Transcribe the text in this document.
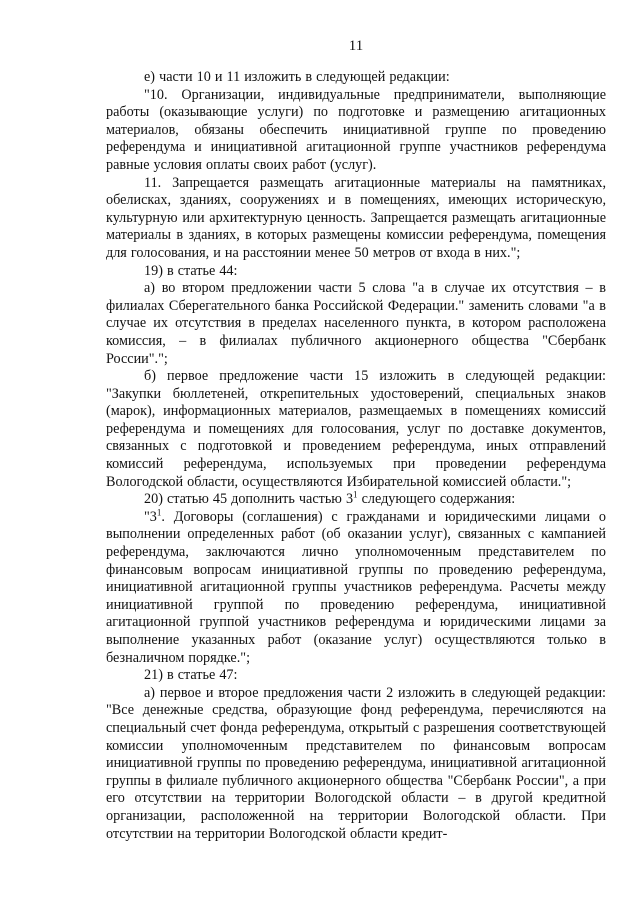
11

е) части 10 и 11 изложить в следующей редакции:

"10. Организации, индивидуальные предприниматели, выполняющие работы (оказывающие услуги) по подготовке и размещению агитационных материалов, обязаны обеспечить инициативной группе по проведению референдума и инициативной агитационной группе участников референдума равные условия оплаты своих работ (услуг).

11. Запрещается размещать агитационные материалы на памятниках, обелисках, зданиях, сооружениях и в помещениях, имеющих историческую, культурную или архитектурную ценность. Запрещается размещать агитационные материалы в зданиях, в которых размещены комиссии референдума, помещения для голосования, и на расстоянии менее 50 метров от входа в них.";

19) в статье 44:

а) во втором предложении части 5 слова "а в случае их отсутствия – в филиалах Сберегательного банка Российской Федерации." заменить словами "а в случае их отсутствия в пределах населенного пункта, в котором расположена комиссия, – в филиалах публичного акционерного общества "Сбербанк России".";

б) первое предложение части 15 изложить в следующей редакции: "Закупки бюллетеней, открепительных удостоверений, специальных знаков (марок), информационных материалов, размещаемых в помещениях комиссий референдума и помещениях для голосования, услуг по доставке документов, связанных с подготовкой и проведением референдума, иных отправлений комиссий референдума, используемых при проведении референдума Вологодской области, осуществляются Избирательной комиссией области.";

20) статью 45 дополнить частью $3^1$ следующего содержания:

"$3^1$. Договоры (соглашения) с гражданами и юридическими лицами о выполнении определенных работ (об оказании услуг), связанных с кампанией референдума, заключаются лично уполномоченным представителем по финансовым вопросам инициативной группы по проведению референдума, инициативной агитационной группы участников референдума. Расчеты между инициативной группой по проведению референдума, инициативной агитационной группой участников референдума и юридическими лицами за выполнение указанных работ (оказание услуг) осуществляются только в безналичном порядке.";

21) в статье 47:

а) первое и второе предложения части 2 изложить в следующей редакции: "Все денежные средства, образующие фонд референдума, перечисляются на специальный счет фонда референдума, открытый с разрешения соответствующей комиссии уполномоченным представителем по финансовым вопросам инициативной группы по проведению референдума, инициативной агитационной группы в филиале публичного акционерного общества "Сбербанк России", а при его отсутствии на территории Вологодской области – в другой кредитной организации, расположенной на территории Вологодской области. При отсутствии на территории Вологодской области кредит-
